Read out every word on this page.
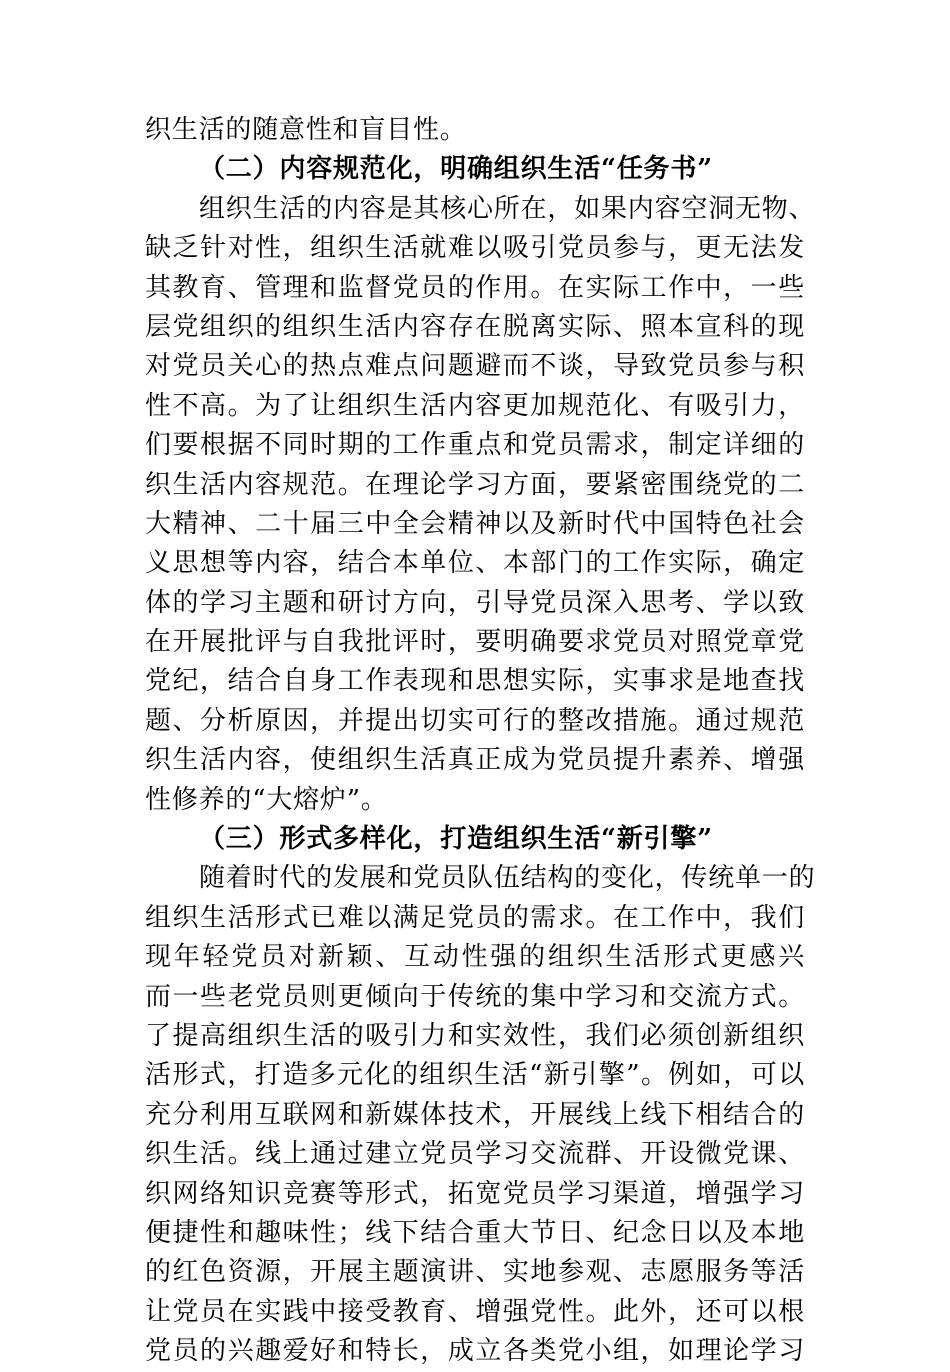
织生活的随意性和盲目性。
（二）内容规范化，明确组织生活“任务书”
组织生活的内容是其核心所在，如果内容空洞无物、
缺乏针对性，组织生活就难以吸引党员参与，更无法发
其教育、管理和监督党员的作用。在实际工作中，一些
层党组织的组织生活内容存在脱离实际、照本宣科的现
对党员关心的热点难点问题避而不谈，导致党员参与积
性不高。为了让组织生活内容更加规范化、有吸引力，
们要根据不同时期的工作重点和党员需求，制定详细的
织生活内容规范。在理论学习方面，要紧密围绕党的二
大精神、二十届三中全会精神以及新时代中国特色社会
义思想等内容，结合本单位、本部门的工作实际，确定
体的学习主题和研讨方向，引导党员深入思考、学以致
在开展批评与自我批评时，要明确要求党员对照党章党
党纪，结合自身工作表现和思想实际，实事求是地查找
题、分析原因，并提出切实可行的整改措施。通过规范
织生活内容，使组织生活真正成为党员提升素养、增强
性修养的“大熔炉”。
（三）形式多样化，打造组织生活“新引擎”
随着时代的发展和党员队伍结构的变化，传统单一的
组织生活形式已难以满足党员的需求。在工作中，我们
现年轻党员对新颖、互动性强的组织生活形式更感兴
而一些老党员则更倾向于传统的集中学习和交流方式。
了提高组织生活的吸引力和实效性，我们必须创新组织
活形式，打造多元化的组织生活“新引擎”。例如，可以
充分利用互联网和新媒体技术，开展线上线下相结合的
织生活。线上通过建立党员学习交流群、开设微党课、
织网络知识竞赛等形式，拓宽党员学习渠道，增强学习
便捷性和趣味性；线下结合重大节日、纪念日以及本地
的红色资源，开展主题演讲、实地参观、志愿服务等活
让党员在实践中接受教育、增强党性。此外，还可以根
党员的兴趣爱好和特长，成立各类党小组，如理论学习
